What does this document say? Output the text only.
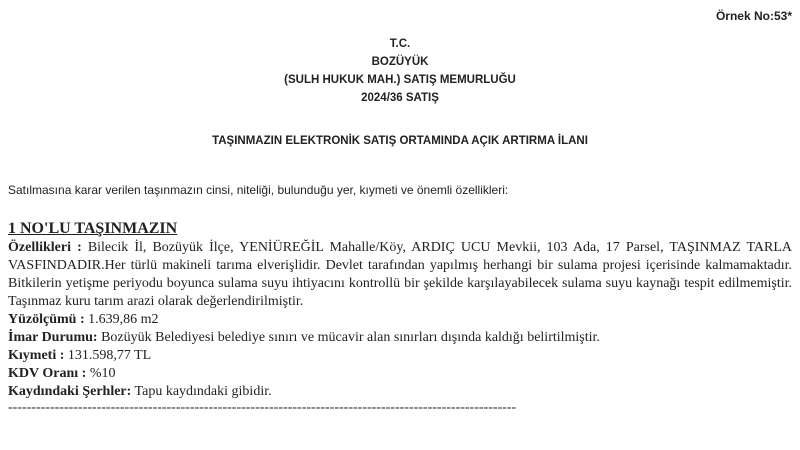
Örnek No:53*
T.C.
BOZÜYÜK
(SULH HUKUK MAH.) SATIŞ MEMURLUĞU
2024/36 SATIŞ
TAŞINMAZIN ELEKTRONİK SATIŞ ORTAMINDA AÇIK ARTIRMA İLANI
Satılmasına karar verilen taşınmazın cinsi, niteliği, bulunduğu yer, kıymeti ve önemli özellikleri:
1 NO'LU TAŞINMAZIN
Özellikleri : Bilecik İl, Bozüyük İlçe, YENİÜREĞİL Mahalle/Köy, ARDIÇ UCU Mevkii, 103 Ada, 17 Parsel, TAŞINMAZ TARLA VASFINDADIR.Her türlü makineli tarıma elverişlidir. Devlet tarafından yapılmış herhangi bir sulama projesi içerisinde kalmamaktadır. Bitkilerin yetişme periyodu boyunca sulama suyu ihtiyacını kontrollü bir şekilde karşılayabilecek sulama suyu kaynağı tespit edilmemiştir. Taşınmaz kuru tarım arazi olarak değerlendirilmiştir.
Yüzölçümü : 1.639,86 m2
İmar Durumu: Bozüyük Belediyesi belediye sınırı ve mücavir alan sınırları dışında kaldığı belirtilmiştir.
Kıymeti : 131.598,77 TL
KDV Oranı : %10
Kaydındaki Şerhler: Tapu kaydındaki gibidir.
-------------------------------------------------------------------------------------------------------------
